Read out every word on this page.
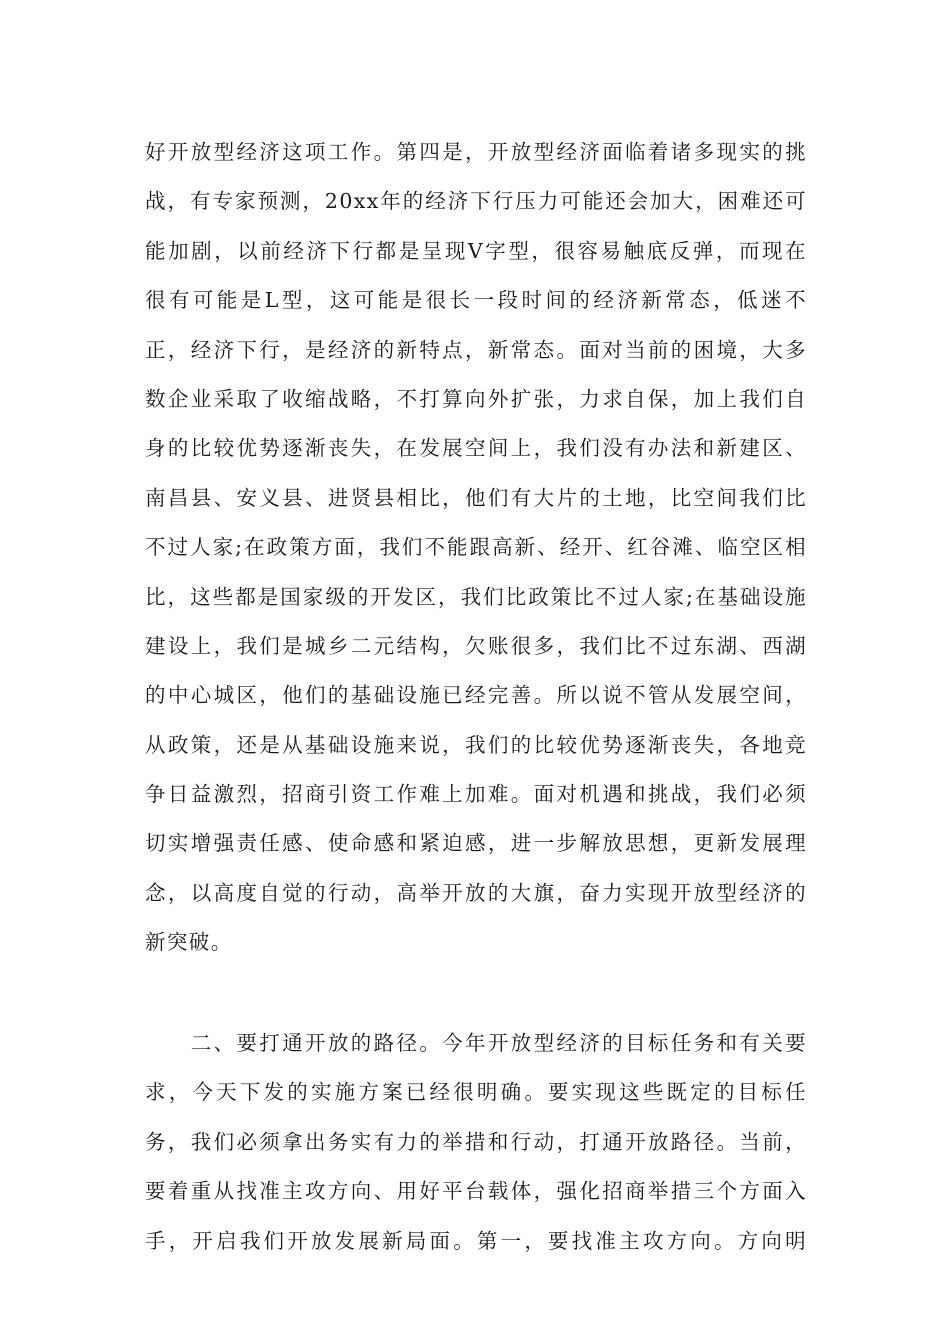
好开放型经济这项工作。第四是，开放型经济面临着诸多现实的挑
战，有专家预测，20xx年的经济下行压力可能还会加大，困难还可
能加剧，以前经济下行都是呈现V字型，很容易触底反弹，而现在
很有可能是L型，这可能是很长一段时间的经济新常态，低迷不
正，经济下行，是经济的新特点，新常态。面对当前的困境，大多
数企业采取了收缩战略，不打算向外扩张，力求自保，加上我们自
身的比较优势逐渐丧失，在发展空间上，我们没有办法和新建区、
南昌县、安义县、进贤县相比，他们有大片的土地，比空间我们比
不过人家;在政策方面，我们不能跟高新、经开、红谷滩、临空区相
比，这些都是国家级的开发区，我们比政策比不过人家;在基础设施
建设上，我们是城乡二元结构，欠账很多，我们比不过东湖、西湖
的中心城区，他们的基础设施已经完善。所以说不管从发展空间，
从政策，还是从基础设施来说，我们的比较优势逐渐丧失，各地竞
争日益激烈，招商引资工作难上加难。面对机遇和挑战，我们必须
切实增强责任感、使命感和紧迫感，进一步解放思想，更新发展理
念，以高度自觉的行动，高举开放的大旗，奋力实现开放型经济的
新突破。
　　二、要打通开放的路径。今年开放型经济的目标任务和有关要
求，今天下发的实施方案已经很明确。要实现这些既定的目标任
务，我们必须拿出务实有力的举措和行动，打通开放路径。当前，
要着重从找准主攻方向、用好平台载体，强化招商举措三个方面入
手，开启我们开放发展新局面。第一，要找准主攻方向。方向明
